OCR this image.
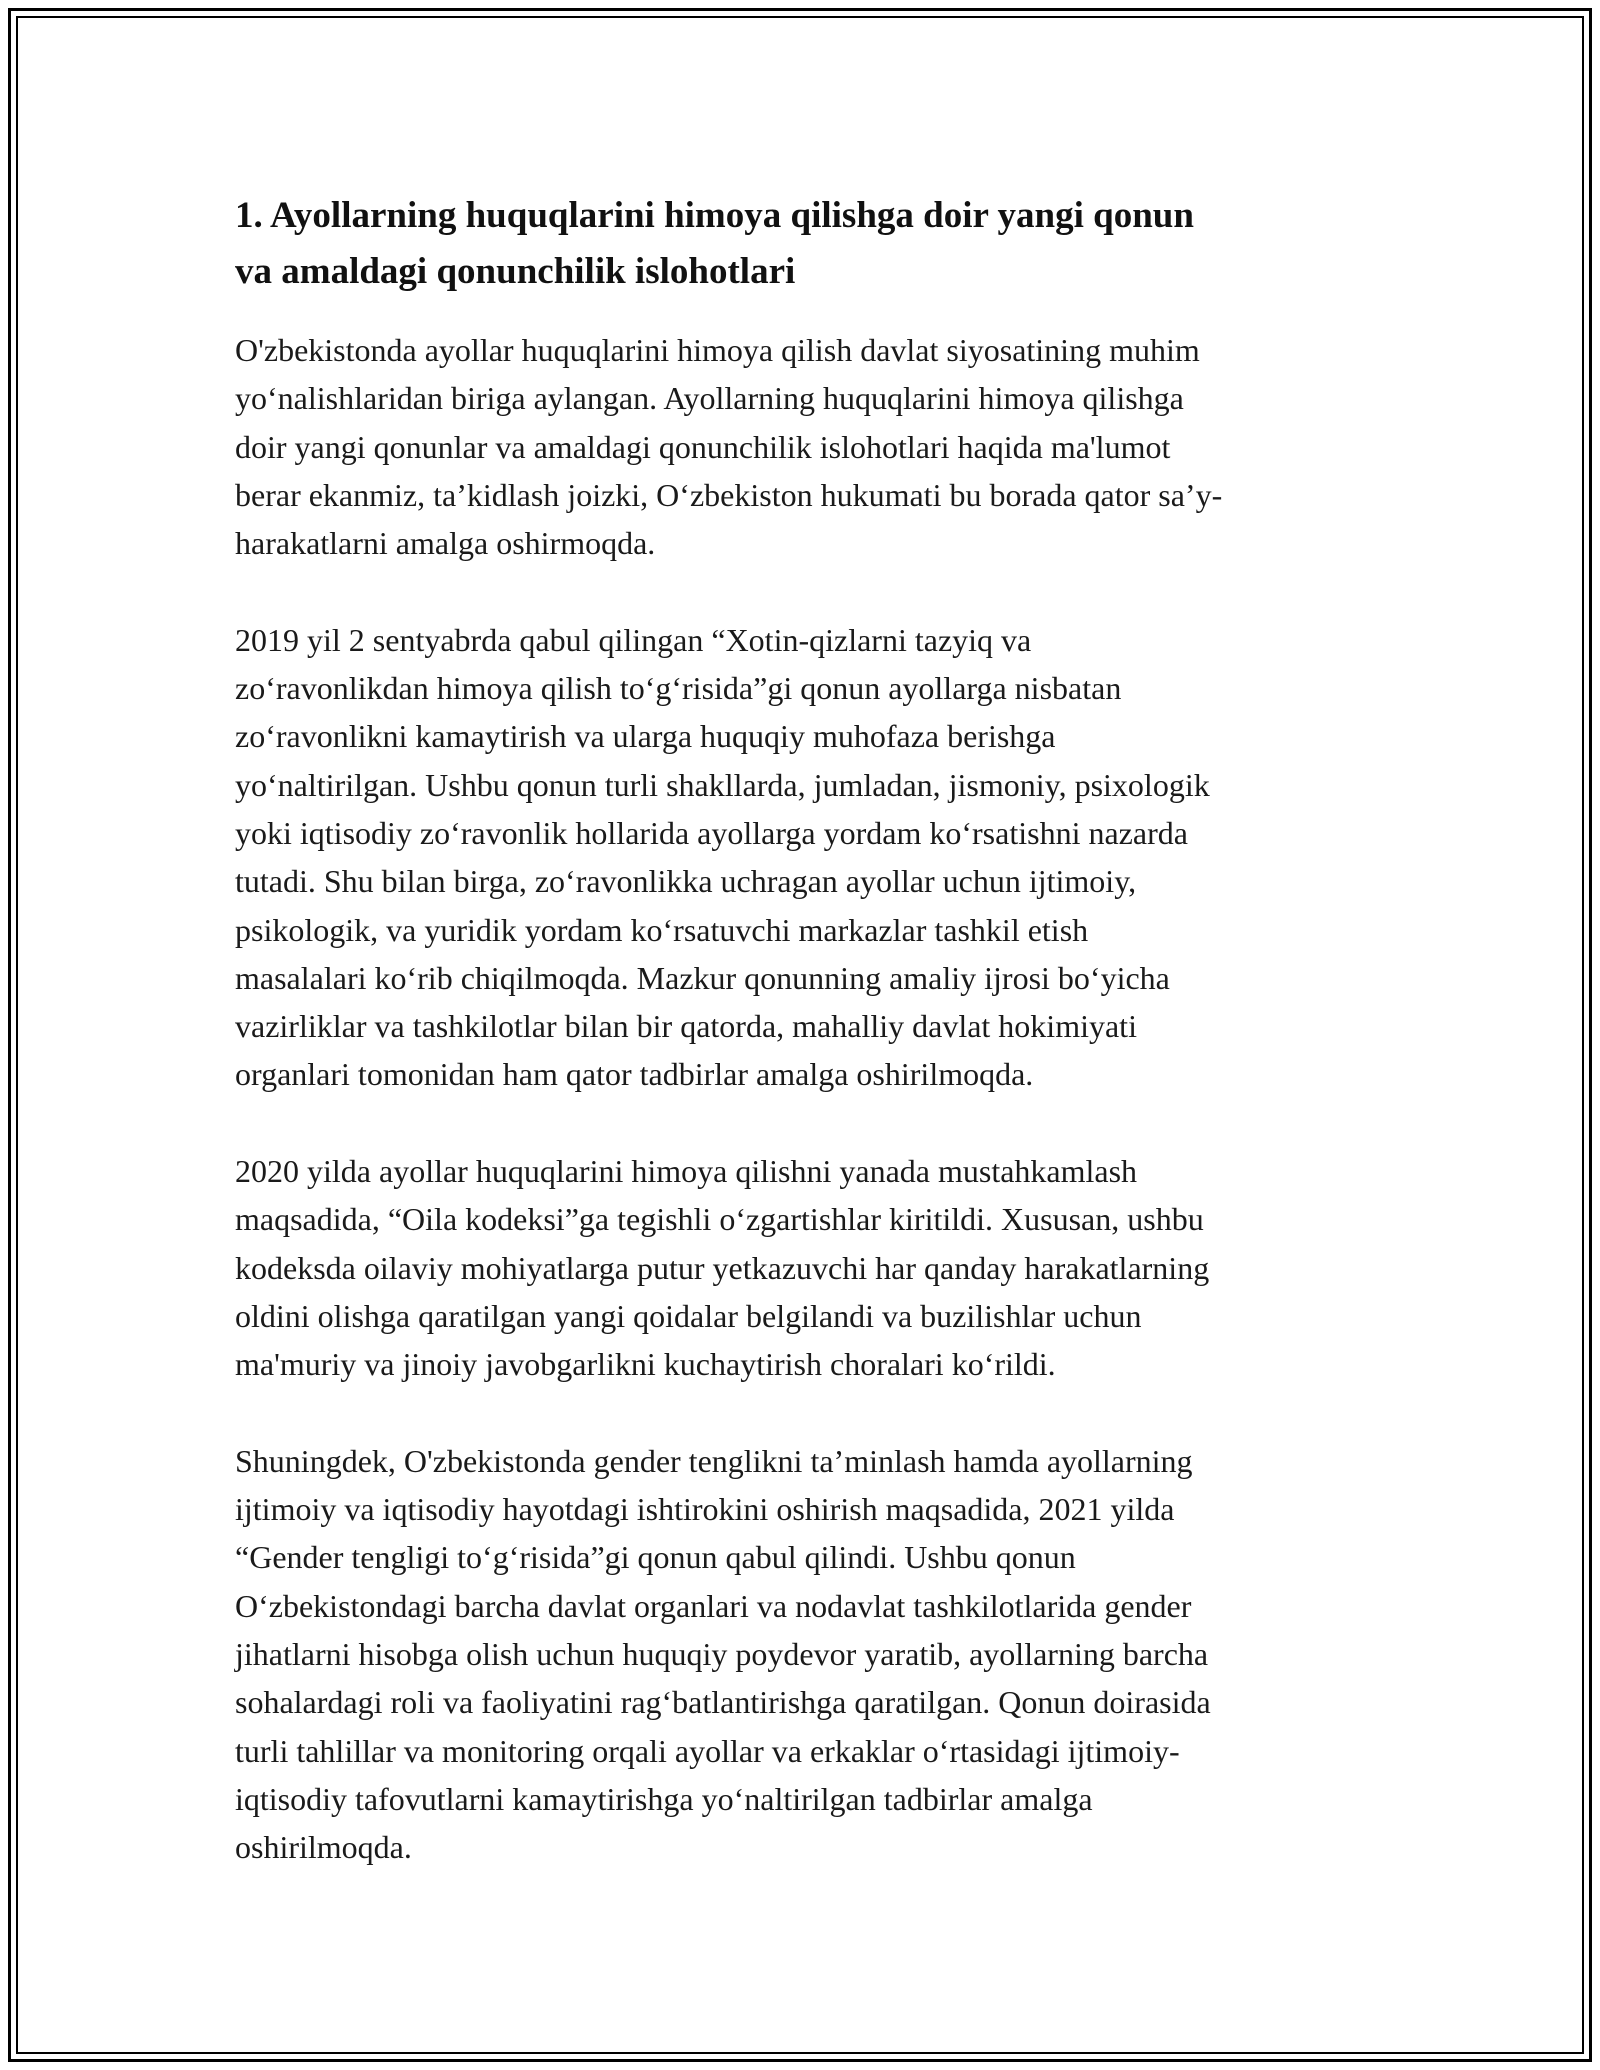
1. Ayollarning huquqlarini himoya qilishga doir yangi qonun
va amaldagi qonunchilik islohotlari

O'zbekistonda ayollar huquqlarini himoya qilish davlat siyosatining muhim
yo‘nalishlaridan biriga aylangan. Ayollarning huquqlarini himoya qilishga
doir yangi qonunlar va amaldagi qonunchilik islohotlari haqida ma'lumot
berar ekanmiz, ta’kidlash joizki, O‘zbekiston hukumati bu borada qator sa’y-
harakatlarni amalga oshirmoqda.

2019 yil 2 sentyabrda qabul qilingan “Xotin-qizlarni tazyiq va
zo‘ravonlikdan himoya qilish to‘g‘risida”gi qonun ayollarga nisbatan
zo‘ravonlikni kamaytirish va ularga huquqiy muhofaza berishga
yo‘naltirilgan. Ushbu qonun turli shakllarda, jumladan, jismoniy, psixologik
yoki iqtisodiy zo‘ravonlik hollarida ayollarga yordam ko‘rsatishni nazarda
tutadi. Shu bilan birga, zo‘ravonlikka uchragan ayollar uchun ijtimoiy,
psikologik, va yuridik yordam ko‘rsatuvchi markazlar tashkil etish
masalalari ko‘rib chiqilmoqda. Mazkur qonunning amaliy ijrosi bo‘yicha
vazirliklar va tashkilotlar bilan bir qatorda, mahalliy davlat hokimiyati
organlari tomonidan ham qator tadbirlar amalga oshirilmoqda.

2020 yilda ayollar huquqlarini himoya qilishni yanada mustahkamlash
maqsadida, “Oila kodeksi”ga tegishli o‘zgartishlar kiritildi. Xususan, ushbu
kodeksda oilaviy mohiyatlarga putur yetkazuvchi har qanday harakatlarning
oldini olishga qaratilgan yangi qoidalar belgilandi va buzilishlar uchun
ma'muriy va jinoiy javobgarlikni kuchaytirish choralari ko‘rildi.

Shuningdek, O'zbekistonda gender tenglikni ta’minlash hamda ayollarning
ijtimoiy va iqtisodiy hayotdagi ishtirokini oshirish maqsadida, 2021 yilda
“Gender tengligi to‘g‘risida”gi qonun qabul qilindi. Ushbu qonun
O‘zbekistondagi barcha davlat organlari va nodavlat tashkilotlarida gender
jihatlarni hisobga olish uchun huquqiy poydevor yaratib, ayollarning barcha
sohalardagi roli va faoliyatini rag‘batlantirishga qaratilgan. Qonun doirasida
turli tahlillar va monitoring orqali ayollar va erkaklar o‘rtasidagi ijtimoiy-
iqtisodiy tafovutlarni kamaytirishga yo‘naltirilgan tadbirlar amalga
oshirilmoqda.
